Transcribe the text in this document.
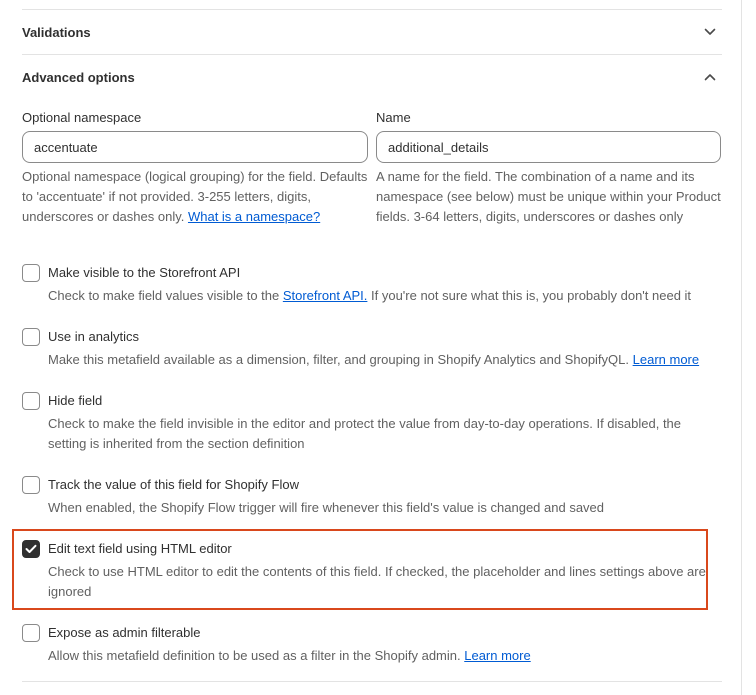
Validations
Advanced options
Optional namespace
accentuate
Optional namespace (logical grouping) for the field. Defaults to 'accentuate' if not provided. 3-255 letters, digits, underscores or dashes only. What is a namespace?
Name
additional_details
A name for the field. The combination of a name and its namespace (see below) must be unique within your Product fields. 3-64 letters, digits, underscores or dashes only
Make visible to the Storefront API
Check to make field values visible to the Storefront API. If you're not sure what this is, you probably don't need it
Use in analytics
Make this metafield available as a dimension, filter, and grouping in Shopify Analytics and ShopifyQL. Learn more
Hide field
Check to make the field invisible in the editor and protect the value from day-to-day operations. If disabled, the setting is inherited from the section definition
Track the value of this field for Shopify Flow
When enabled, the Shopify Flow trigger will fire whenever this field's value is changed and saved
Edit text field using HTML editor
Check to use HTML editor to edit the contents of this field. If checked, the placeholder and lines settings above are ignored
Expose as admin filterable
Allow this metafield definition to be used as a filter in the Shopify admin. Learn more
